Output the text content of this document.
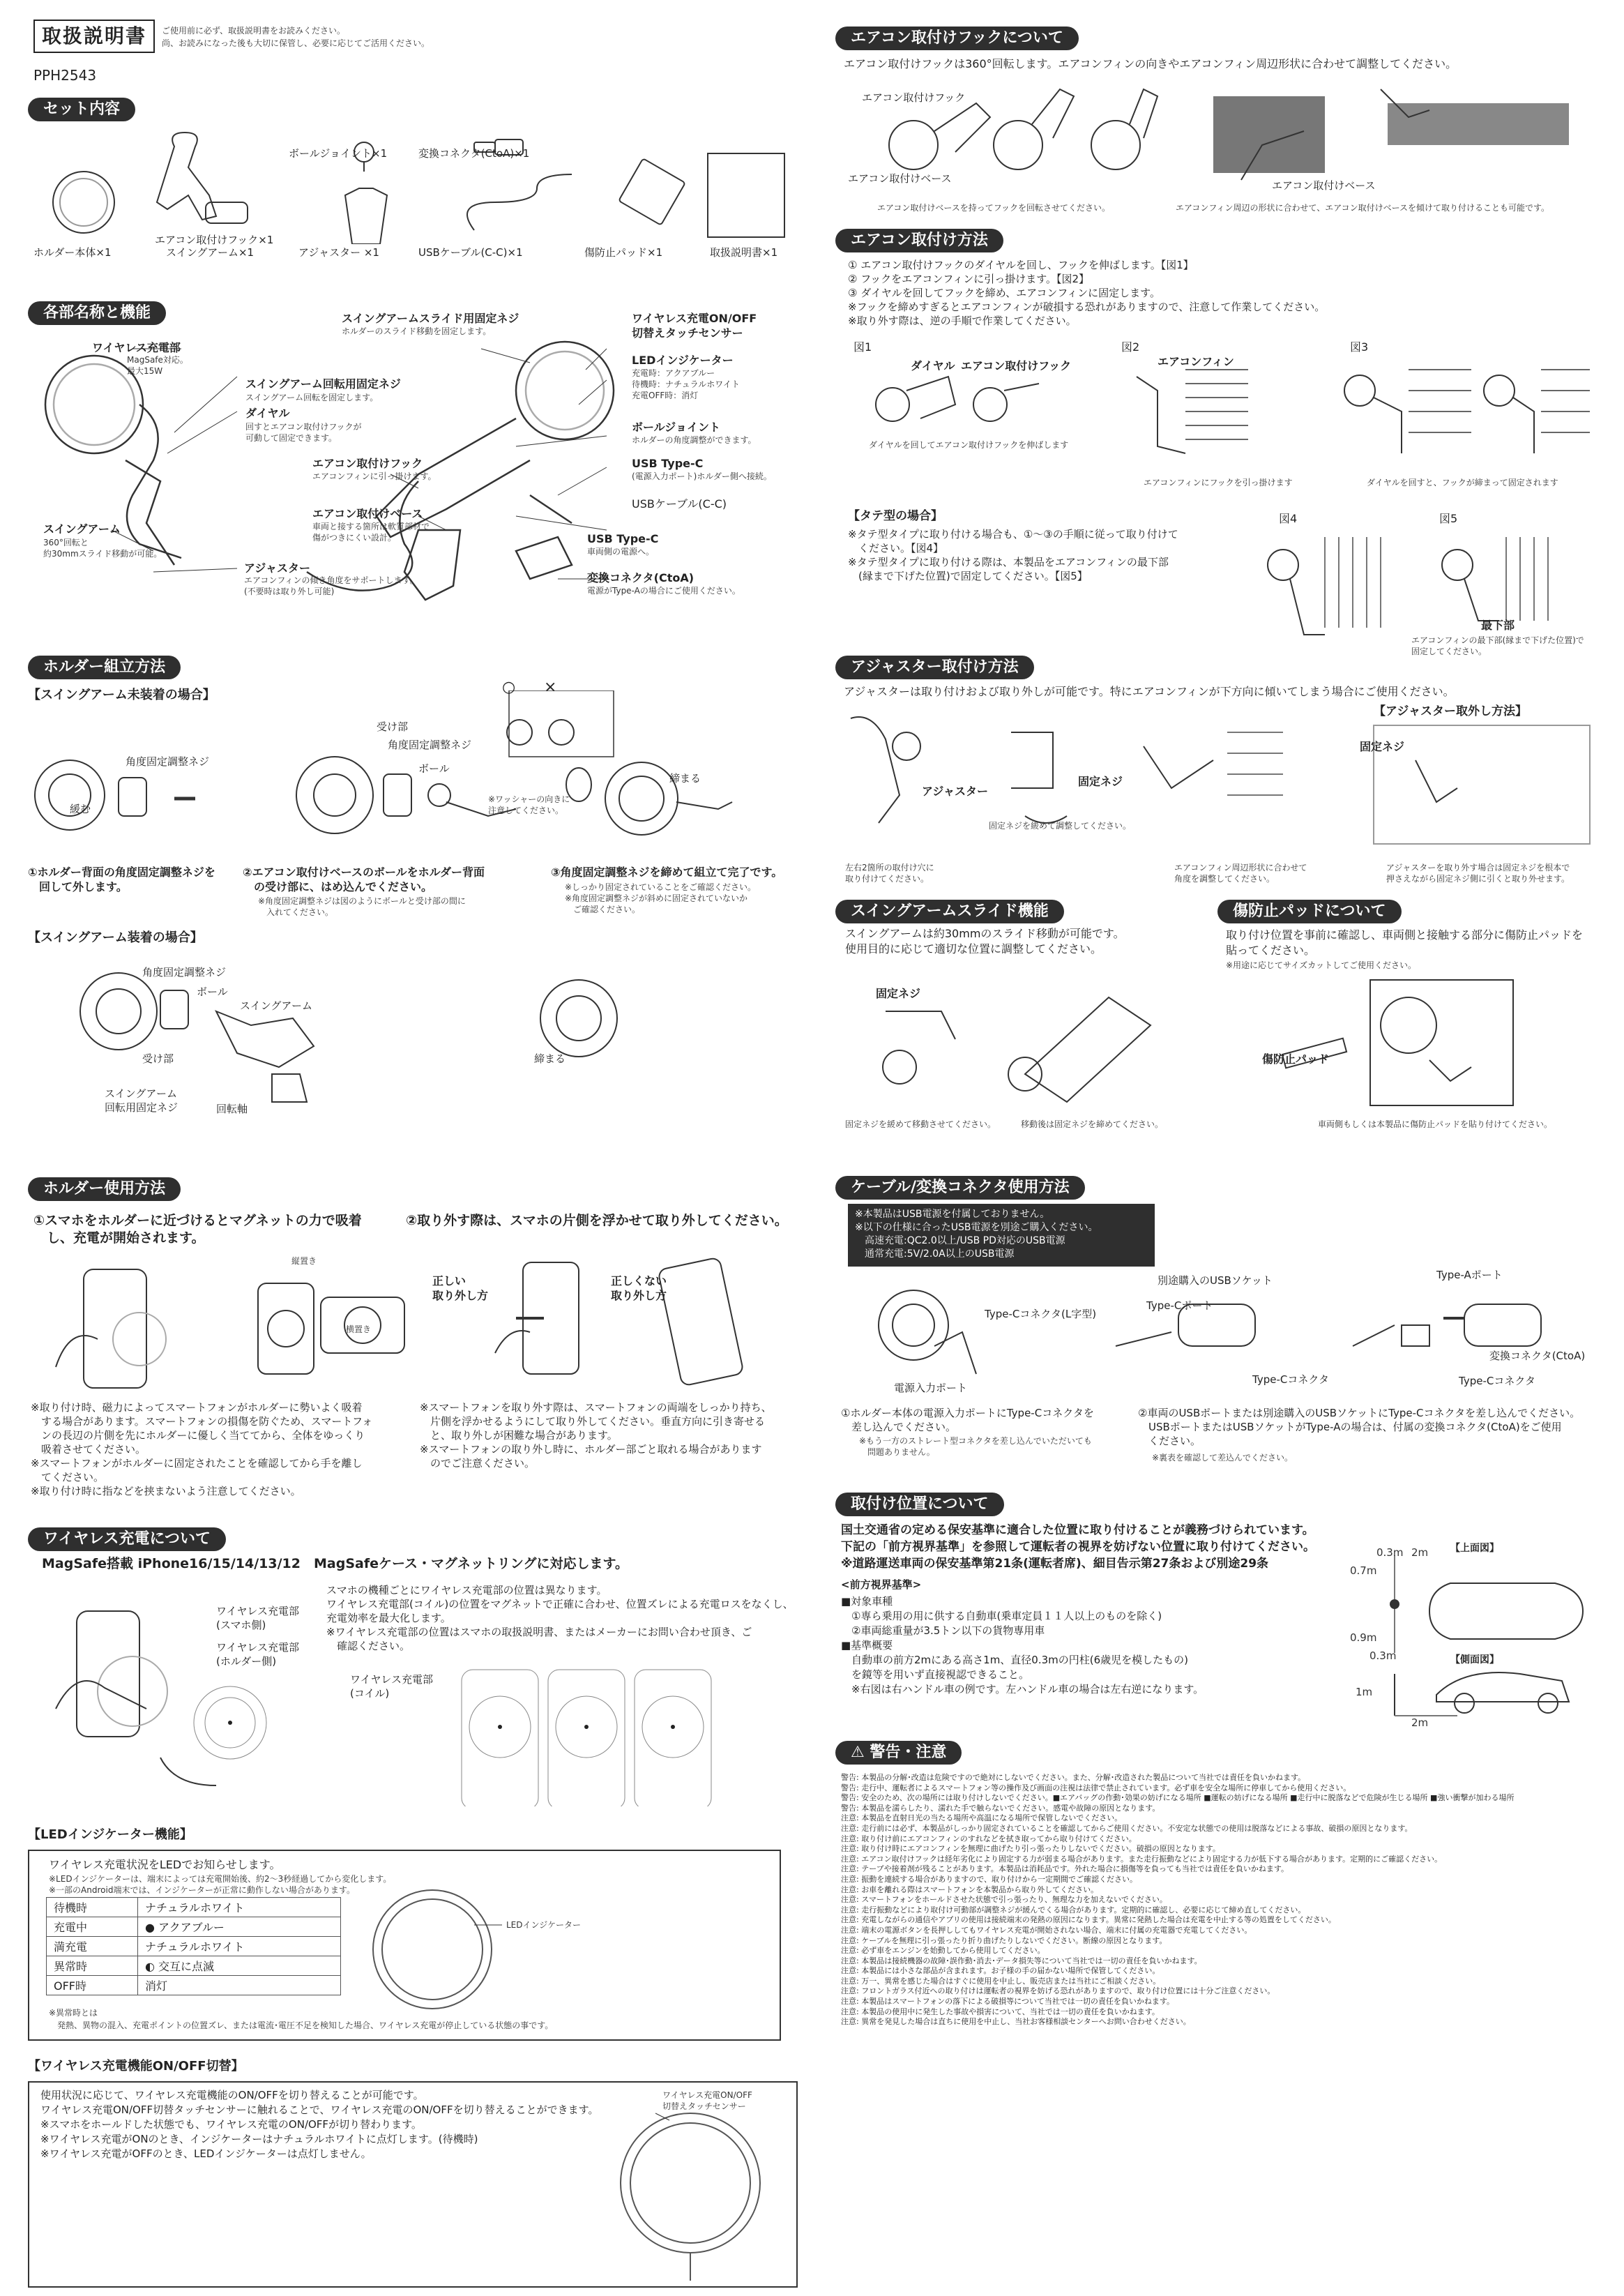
取扱説明書	ご使用前に必ず、取扱説明書をお読みください。
尚、お読みになった後も大切に保管し、必要に応じてご活用ください。
PPH2543
セット内容
ホルダー本体×1
エアコン取付けフック×1
スイングアーム×1
ボールジョイント×1
アジャスター ×1
変換コネクタ(CtoA)×1
USBケーブル(C-C)×1	傷防止パッド×1	取扱説明書×1
各部名称と機能
ワイヤレス充電部
MagSafe対応。
最大15W
スイングアーム回転用固定ネジ
スイングアーム回転を固定します。
ダイヤル
回すとエアコン取付けフックが
可動して固定できます。
スイングアームスライド用固定ネジ
ホルダーのスライド移動を固定します。
ワイヤレス充電ON/OFF
切替えタッチセンサー
LEDインジケーター
充電時：アクアブルー
待機時：ナチュラルホワイト
充電OFF時：消灯
ボールジョイント
ホルダーの角度調整ができます。
エアコン取付けフック
エアコンフィンに引っ掛けます。
USB Type-C
(電源入力ポート)ホルダー側へ接続。
エアコン取付けベース
車両と接する箇所は軟質部材で
傷がつきにくい設計。
USBケーブル(C-C)
スイングアーム
360°回転と
約30mmスライド移動が可能。
USB Type-C
車両側の電源へ。
アジャスター
エアコンフィンの傾き角度をサポートします。
(不要時は取り外し可能)
変換コネクタ(CtoA)
電源がType-Aの場合にご使用ください。
ホルダー組立方法
【スイングアーム未装着の場合】
角度固定調整ネジ
緩む
受け部
角度固定調整ネジ
ボール
※ワッシャーの向きに
注意してください。
締まる
○ ×
①ホルダー背面の角度固定調整ネジを
　回して外します。
②エアコン取付けベースのボールをホルダー背面
　の受け部に、はめ込んでください。
※角度固定調整ネジは図のようにボールと受け部の間に
　入れてください。
③角度固定調整ネジを締めて組立て完了です。
※しっかり固定されていることをご確認ください。
※角度固定調整ネジが斜めに固定されていないか
　ご確認ください。
【スイングアーム装着の場合】
角度固定調整ネジ
ボール
スイングアーム
受け部
スイングアーム
回転用固定ネジ	回転軸
締まる
ホルダー使用方法
①スマホをホルダーに近づけるとマグネットの力で吸着
　し、充電が開始されます。
②取り外す際は、スマホの片側を浮かせて取り外してください。
縦置き
横置き
正しい
取り外し方
正しくない
取り外し方
※取り付け時、磁力によってスマートフォンがホルダーに勢いよく吸着
　する場合があります。スマートフォンの損傷を防ぐため、スマートフォ
　ンの長辺の片側を先にホルダーに優しく当ててから、全体をゆっくり
　吸着させてください。
※スマートフォンがホルダーに固定されたことを確認してから手を離し
　てください。
※取り付け時に指などを挟まないよう注意してください。
※スマートフォンを取り外す際は、スマートフォンの両端をしっかり持ち、
　片側を浮かせるようにして取り外してください。垂直方向に引き寄せる
　と、取り外しが困難な場合があります。
※スマートフォンの取り外し時に、ホルダー部ごと取れる場合があります
　のでご注意ください。
ワイヤレス充電について
MagSafe搭載 iPhone16/15/14/13/12　MagSafeケース・マグネットリングに対応します。
スマホの機種ごとにワイヤレス充電部の位置は異なります。
ワイヤレス充電部(コイル)の位置をマグネットで正確に合わせ、位置ズレによる充電ロスをなくし、
充電効率を最大化します。
※ワイヤレス充電部の位置はスマホの取扱説明書、またはメーカーにお問い合わせ頂き、ご
　確認ください。
ワイヤレス充電部
(スマホ側)
ワイヤレス充電部
(ホルダー側)
ワイヤレス充電部
(コイル)
【LEDインジケーター機能】
ワイヤレス充電状況をLEDでお知らせします。
※LEDインジケーターは、端末によっては充電開始後、約2〜3秒経過してから変化します。
※一部のAndroid端末では、インジケーターが正常に動作しない場合があります。
待機時	ナチュラルホワイト
充電中	● アクアブルー
満充電	ナチュラルホワイト
異常時	◐ 交互に点滅
OFF時	消灯
LEDインジケーター
※異常時とは
　発熱、異物の混入、充電ポイントの位置ズレ、または電流･電圧不足を検知した場合、ワイヤレス充電が停止している状態の事です。
【ワイヤレス充電機能ON/OFF切替】
使用状況に応じて、ワイヤレス充電機能のON/OFFを切り替えることが可能です。
ワイヤレス充電ON/OFF切替タッチセンサーに触れることで、ワイヤレス充電のON/OFFを切り替えることができます。
※スマホをホールドした状態でも、ワイヤレス充電のON/OFFが切り替わります。
※ワイヤレス充電がONのとき、インジケーターはナチュラルホワイトに点灯します。(待機時)
※ワイヤレス充電がOFFのとき、LEDインジケーターは点灯しません。
ワイヤレス充電ON/OFF
切替えタッチセンサー
エアコン取付けフックについて
エアコン取付けフックは360°回転します。エアコンフィンの向きやエアコンフィン周辺形状に合わせて調整してください。
エアコン取付けフック
エアコン取付けベース
エアコン取付けベース
エアコン取付けベースを持ってフックを回転させてください。	エアコンフィン周辺の形状に合わせて、エアコン取付けベースを傾けて取り付けることも可能です。
エアコン取付け方法
① エアコン取付けフックのダイヤルを回し、フックを伸ばします。【図1】
② フックをエアコンフィンに引っ掛けます。【図2】
③ ダイヤルを回してフックを締め、エアコンフィンに固定します。
※フックを締めすぎるとエアコンフィンが破損する恐れがありますので、注意して作業してください。
※取り外す際は、逆の手順で作業してください。
図1	図2	図3
ダイヤル エアコン取付けフック	エアコンフィン
ダイヤルを回してエアコン取付けフックを伸ばします
エアコンフィンにフックを引っ掛けます	ダイヤルを回すと、フックが締まって固定されます
【タテ型の場合】
※タテ型タイプに取り付ける場合も、①〜③の手順に従って取り付けて
　ください。【図4】
※タテ型タイプに取り付ける際は、本製品をエアコンフィンの最下部
　(縁まで下げた位置)で固定してください。【図5】
図4	図5
最下部
エアコンフィンの最下部(縁まで下げた位置)で
固定してください。
アジャスター取付け方法
アジャスターは取り付けおよび取り外しが可能です。特にエアコンフィンが下方向に傾いてしまう場合にご使用ください。
【アジャスター取外し方法】
アジャスター
固定ネジ
固定ネジ
左右2箇所の取付け穴に
取り付けてください。
固定ネジを緩めて調整してください。
エアコンフィン周辺形状に合わせて
角度を調整してください。
アジャスターを取り外す場合は固定ネジを根本で
押さえながら固定ネジ側に引くと取り外せます。
スイングアームスライド機能
スイングアームは約30mmのスライド移動が可能です。
使用目的に応じて適切な位置に調整してください。
固定ネジ
固定ネジを緩めて移動させてください。	移動後は固定ネジを締めてください。
傷防止パッドについて
取り付け位置を事前に確認し、車両側と接触する部分に傷防止パッドを
貼ってください。
※用途に応じてサイズカットしてご使用ください。
傷防止パッド
車両側もしくは本製品に傷防止パッドを貼り付けてください。
ケーブル/変換コネクタ使用方法
※本製品はUSB電源を付属しておりません。
※以下の仕様に合ったUSB電源を別途ご購入ください。
　高速充電:QC2.0以上/USB PD対応のUSB電源
　通常充電:5V/2.0A以上のUSB電源
Type-Cコネクタ(L字型)
電源入力ポート
別途購入のUSBソケット
Type-Cポート
Type-Cコネクタ
Type-Aポート
変換コネクタ(CtoA)
Type-Cコネクタ
①ホルダー本体の電源入力ポートにType-Cコネクタを
　差し込んでください。
※もう一方のストレート型コネクタを差し込んでいただいても
　問題ありません。
②車両のUSBポートまたは別途購入のUSBソケットにType-Cコネクタを差し込んでください。
　USBポートまたはUSBソケットがType-Aの場合は、付属の変換コネクタ(CtoA)をご使用
　ください。
※裏表を確認して差込んでください。
取付け位置について
国土交通省の定める保安基準に適合した位置に取り付けることが義務づけられています。
下記の「前方視界基準」を参照して運転者の視界を妨げない位置に取り付けてください。
※道路運送車両の保安基準第21条(運転者席)、細目告示第27条および別途29条
<前方視界基準>
■対象車種
　①専ら乗用の用に供する自動車(乗車定員１１人以上のものを除く)
　②車両総重量が3.5トン以下の貨物専用車
■基準概要
　自動車の前方2mにある高さ1m、直径0.3mの円柱(6歳児を模したもの)
　を鏡等を用いず直接視認できること。
　※右図は右ハンドル車の例です。左ハンドル車の場合は左右逆になります。
【上面図】
【側面図】
0.3m 2m
0.7m
0.9m
0.3m
1m
2m
⚠ 警告・注意
警告: 本製品の分解･改造は危険ですので絶対にしないでください。また、分解･改造された製品について当社では責任を負いかねます。
警告: 走行中、運転者によるスマートフォン等の操作及び画面の注視は法律で禁止されています。必ず車を安全な場所に停車してから使用ください。
警告: 安全のため、次の場所には取り付けしないでください。■エアバッグの作動･効果の妨げになる場所 ■運転の妨げになる場所 ■走行中に脱落などで危険が生じる場所 ■強い衝撃が加わる場所
警告: 本製品を濡らしたり、濡れた手で触らないでください。感電や故障の原因となります。
注意: 本製品を直射日光の当たる場所や高温になる場所で保管しないでください。
注意: 走行前には必ず、本製品がしっかり固定されていることを確認してからご使用ください。不安定な状態での使用は脱落などによる事故、破損の原因となります。
注意: 取り付け前にエアコンフィンのすれなどを拭き取ってから取り付けてください。
注意: 取り付け時にエアコンフィンを無理に曲げたり引っ張ったりしないでください。破損の原因となります。
注意: エアコン取付けフックは経年劣化により固定する力が弱まる場合があります。また走行振動などにより固定する力が低下する場合があります。定期的にご確認ください。
注意: テープや接着剤が残ることがあります。本製品は消耗品です。外れた場合に損傷等を負っても当社では責任を負いかねます。
注意: 振動を連続する場合がありますので、取り付けから一定期間でご確認ください。
注意: お車を離れる際はスマートフォンを本製品から取り外してください。
注意: スマートフォンをホールドさせた状態で引っ張ったり、無理な力を加えないでください。
注意: 走行振動などにより取付け可動部が調整ネジが緩んでくる場合があります。定期的に確認し、必要に応じて締め直してください。
注意: 充電しながらの通信やアプリの使用は接続端末の発熱の原因になります。異常に発熱した場合は充電を中止する等の処置をしてください。
注意: 端末の電源ボタンを長押ししてもワイヤレス充電が開始されない場合、端末に付属の充電器で充電してください。
注意: ケーブルを無理に引っ張ったり折り曲げたりしないでください。断線の原因となります。
注意: 必ず車をエンジンを始動してから使用してください。
注意: 本製品は接続機器の故障･誤作動･消去･データ損失等について当社では一切の責任を負いかねます。
注意: 本製品には小さな部品が含まれます。お子様の手の届かない場所で保管してください。
注意: 万一、異常を感じた場合はすぐに使用を中止し、販売店または当社にご相談ください。
注意: フロントガラス付近への取り付けは運転者の視界を妨げる恐れがありますので、取り付け位置には十分ご注意ください。
注意: 本製品はスマートフォンの落下による破損等について当社では一切の責任を負いかねます。
注意: 本製品の使用中に発生した事故や損害について、当社では一切の責任を負いかねます。
注意: 異常を発見した場合は直ちに使用を中止し、当社お客様相談センターへお問い合わせください。
